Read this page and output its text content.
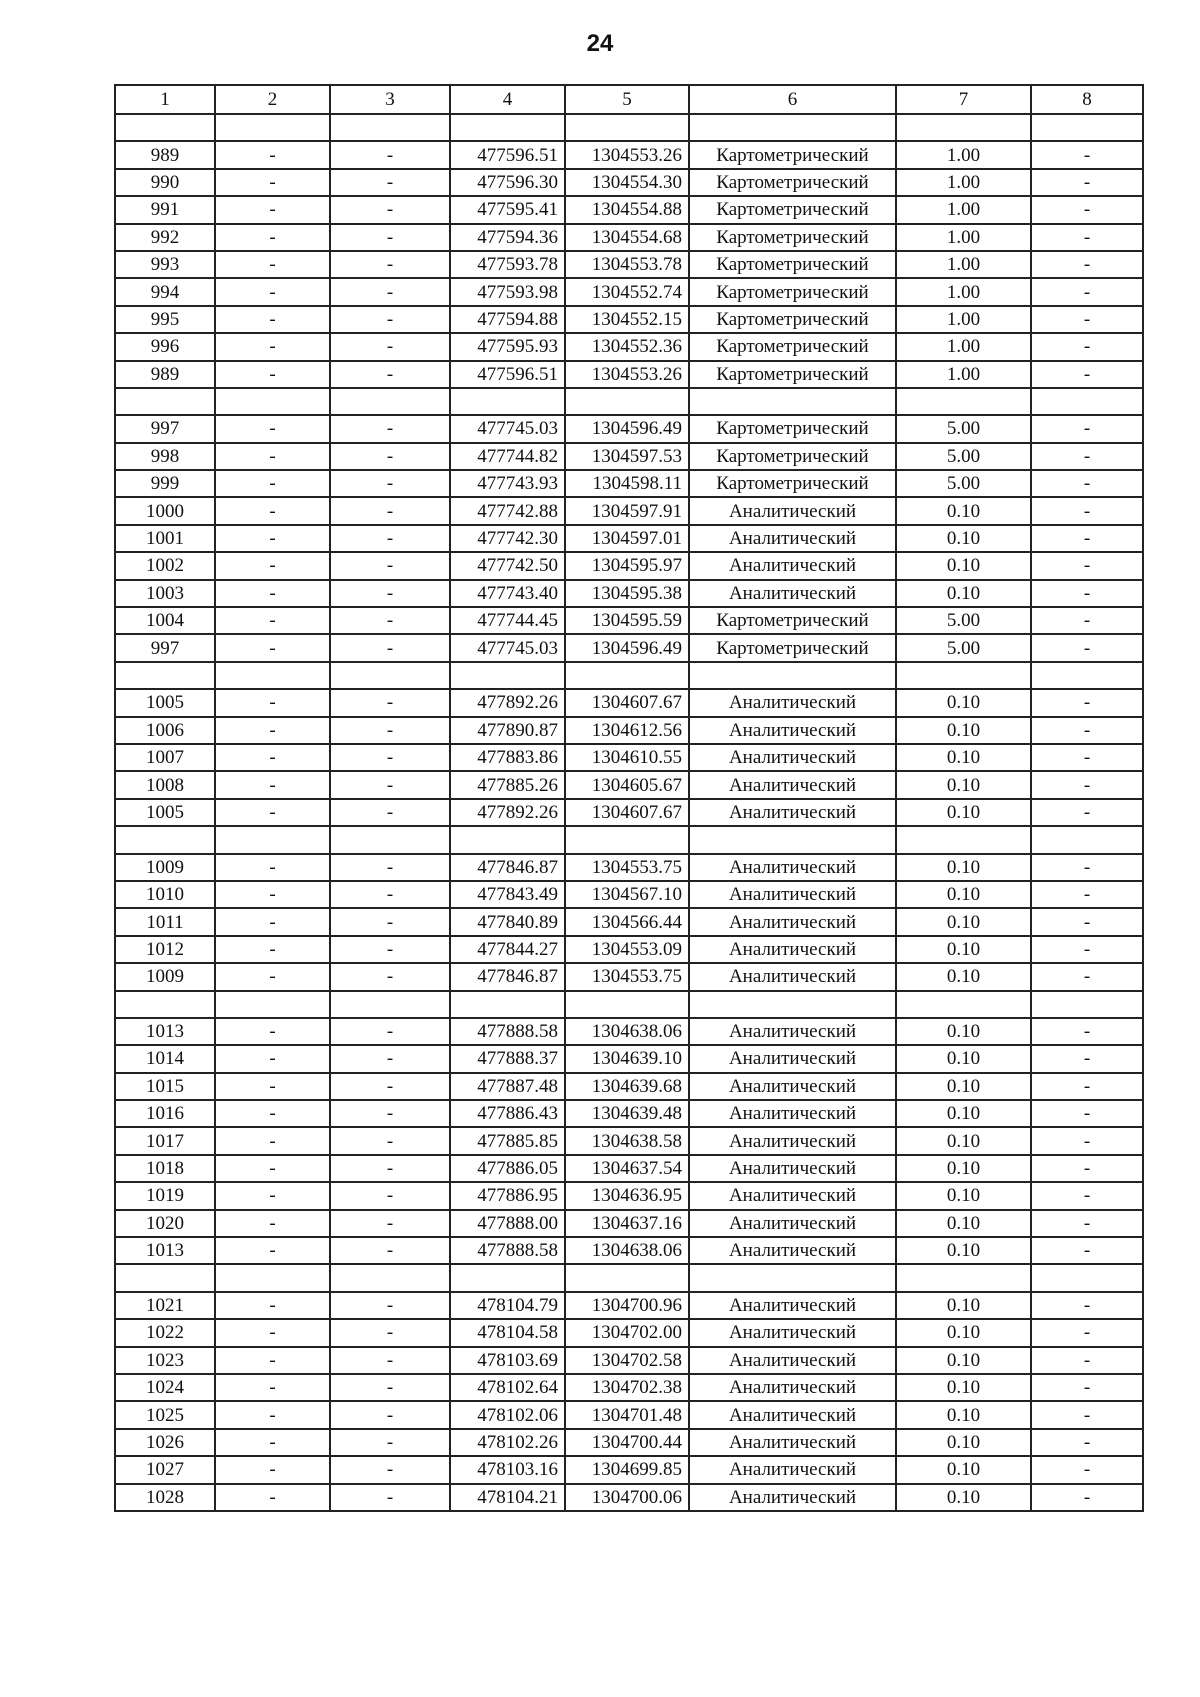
24
1	2	3	4	5	6	7	8

989	-	-	477596.51	1304553.26	Картометрический	1.00	-
990	-	-	477596.30	1304554.30	Картометрический	1.00	-
991	-	-	477595.41	1304554.88	Картометрический	1.00	-
992	-	-	477594.36	1304554.68	Картометрический	1.00	-
993	-	-	477593.78	1304553.78	Картометрический	1.00	-
994	-	-	477593.98	1304552.74	Картометрический	1.00	-
995	-	-	477594.88	1304552.15	Картометрический	1.00	-
996	-	-	477595.93	1304552.36	Картометрический	1.00	-
989	-	-	477596.51	1304553.26	Картометрический	1.00	-

997	-	-	477745.03	1304596.49	Картометрический	5.00	-
998	-	-	477744.82	1304597.53	Картометрический	5.00	-
999	-	-	477743.93	1304598.11	Картометрический	5.00	-
1000	-	-	477742.88	1304597.91	Аналитический	0.10	-
1001	-	-	477742.30	1304597.01	Аналитический	0.10	-
1002	-	-	477742.50	1304595.97	Аналитический	0.10	-
1003	-	-	477743.40	1304595.38	Аналитический	0.10	-
1004	-	-	477744.45	1304595.59	Картометрический	5.00	-
997	-	-	477745.03	1304596.49	Картометрический	5.00	-

1005	-	-	477892.26	1304607.67	Аналитический	0.10	-
1006	-	-	477890.87	1304612.56	Аналитический	0.10	-
1007	-	-	477883.86	1304610.55	Аналитический	0.10	-
1008	-	-	477885.26	1304605.67	Аналитический	0.10	-
1005	-	-	477892.26	1304607.67	Аналитический	0.10	-

1009	-	-	477846.87	1304553.75	Аналитический	0.10	-
1010	-	-	477843.49	1304567.10	Аналитический	0.10	-
1011	-	-	477840.89	1304566.44	Аналитический	0.10	-
1012	-	-	477844.27	1304553.09	Аналитический	0.10	-
1009	-	-	477846.87	1304553.75	Аналитический	0.10	-

1013	-	-	477888.58	1304638.06	Аналитический	0.10	-
1014	-	-	477888.37	1304639.10	Аналитический	0.10	-
1015	-	-	477887.48	1304639.68	Аналитический	0.10	-
1016	-	-	477886.43	1304639.48	Аналитический	0.10	-
1017	-	-	477885.85	1304638.58	Аналитический	0.10	-
1018	-	-	477886.05	1304637.54	Аналитический	0.10	-
1019	-	-	477886.95	1304636.95	Аналитический	0.10	-
1020	-	-	477888.00	1304637.16	Аналитический	0.10	-
1013	-	-	477888.58	1304638.06	Аналитический	0.10	-

1021	-	-	478104.79	1304700.96	Аналитический	0.10	-
1022	-	-	478104.58	1304702.00	Аналитический	0.10	-
1023	-	-	478103.69	1304702.58	Аналитический	0.10	-
1024	-	-	478102.64	1304702.38	Аналитический	0.10	-
1025	-	-	478102.06	1304701.48	Аналитический	0.10	-
1026	-	-	478102.26	1304700.44	Аналитический	0.10	-
1027	-	-	478103.16	1304699.85	Аналитический	0.10	-
1028	-	-	478104.21	1304700.06	Аналитический	0.10	-
